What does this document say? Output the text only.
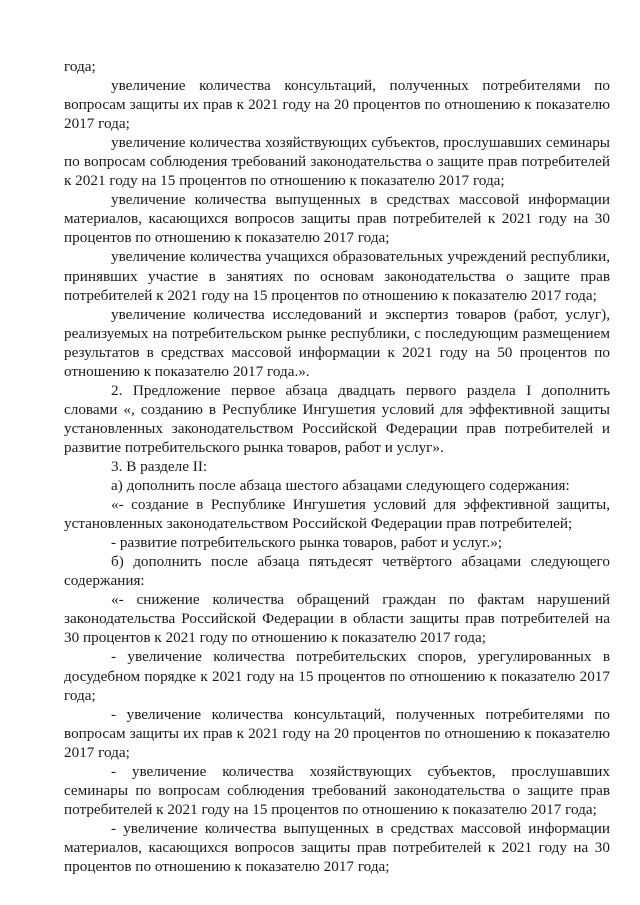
года;

увеличение количества консультаций, полученных потребителями по вопросам защиты их прав к 2021 году на 20 процентов по отношению к показателю 2017 года;

увеличение количества хозяйствующих субъектов, прослушавших семинары по вопросам соблюдения требований законодательства о защите прав потребителей к 2021 году на 15 процентов по отношению к показателю 2017 года;

увеличение количества выпущенных в средствах массовой информации материалов, касающихся вопросов защиты прав потребителей к 2021 году на 30 процентов по отношению к показателю 2017 года;

увеличение количества учащихся образовательных учреждений республики, принявших участие в занятиях по основам законодательства о защите прав потребителей к 2021 году на 15 процентов по отношению к показателю 2017 года;

увеличение количества исследований и экспертиз товаров (работ, услуг), реализуемых на потребительском рынке республики, с последующим размещением результатов в средствах массовой информации к 2021 году на 50 процентов по отношению к показателю 2017 года.».

2. Предложение первое абзаца двадцать первого раздела I дополнить словами «, созданию в Республике Ингушетия условий для эффективной защиты установленных законодательством Российской Федерации прав потребителей и развитие потребительского рынка товаров, работ и услуг».

3. В разделе II:

а) дополнить после абзаца шестого абзацами следующего содержания:

«- создание в Республике Ингушетия условий для эффективной защиты, установленных законодательством Российской Федерации прав потребителей;

- развитие потребительского рынка товаров, работ и услуг.»;

б) дополнить после абзаца пятьдесят четвёртого абзацами следующего содержания:

«- снижение количества обращений граждан по фактам нарушений законодательства Российской Федерации в области защиты прав потребителей на 30 процентов к 2021 году по отношению к показателю 2017 года;

- увеличение количества потребительских споров, урегулированных в досудебном порядке к 2021 году на 15 процентов по отношению к показателю 2017 года;

- увеличение количества консультаций, полученных потребителями по вопросам защиты их прав к 2021 году на 20 процентов по отношению к показателю 2017 года;

- увеличение количества хозяйствующих субъектов, прослушавших семинары по вопросам соблюдения требований законодательства о защите прав потребителей к 2021 году на 15 процентов по отношению к показателю 2017 года;

- увеличение количества выпущенных в средствах массовой информации материалов, касающихся вопросов защиты прав потребителей к 2021 году на 30 процентов по отношению к показателю 2017 года;
